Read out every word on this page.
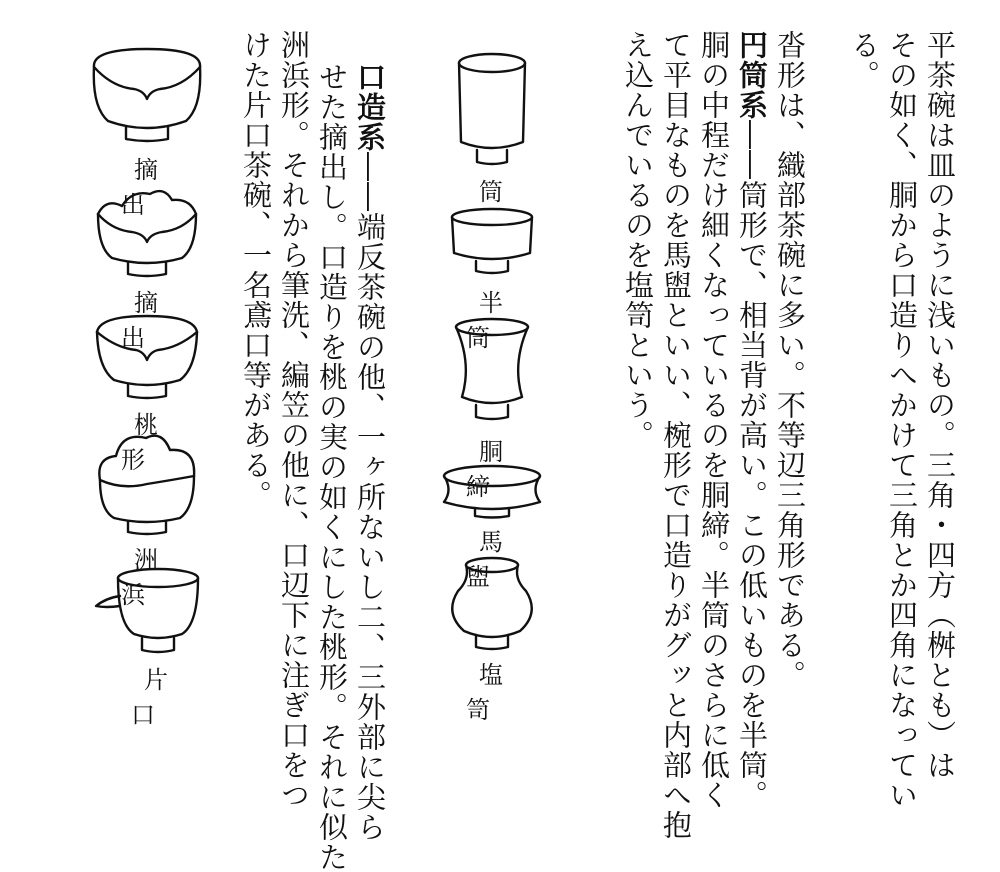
平茶碗は皿のように浅いもの。三角・四方（桝とも）は
その如く、胴から口造りへかけて三角とか四角になってい
る。
沓形は、織部茶碗に多い。不等辺三角形である。
円筒系――筒形で、相当背が高い。この低いものを半筒。
胴の中程だけ細くなっているのを胴締。半筒のさらに低く
て平目なものを馬盥といい、椀形で口造りがグッと内部へ抱
え込んでいるのを塩笥という。
筒
半筒
胴締
馬盥
塩笥
口造系――端反茶碗の他、一ヶ所ないし二、三外部に尖ら
せた摘出し。口造りを桃の実の如くにした桃形。それに似た
洲浜形。それから筆洗、編笠の他に、口辺下に注ぎ口をつ
けた片口茶碗、一名鳶口等がある。
摘出
摘出
桃形
洲浜
片口
